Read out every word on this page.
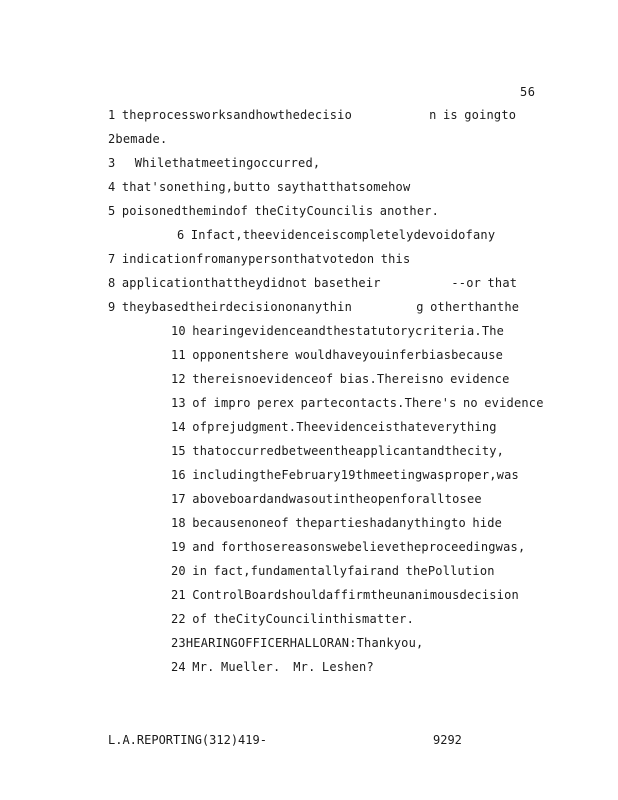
56
1 theprocessworksandhowthedecisio            n is goingto
2bemade.
3   Whilethatmeetingoccurred,
4 that'sonething,butto saythatthatsomehow
5 poisonedthemindof theCityCouncilis another.
6 Infact,theevidenceiscompletelydevoidofany
7 indicationfromanypersonthatvotedon this
8 applicationthattheydidnot basetheir           --or that
9 theybasedtheirdecisiononanythin          g otherthanthe
10 hearingevidenceandthestatutorycriteria.The
11 opponentshere wouldhaveyouinferbiasbecause
12 thereisnoevidenceof bias.Thereisno evidence
13 of impro perex partecontacts.There's no evidence
14 ofprejudgment.Theevidenceisthateverything
15 thatoccurredbetweentheapplicantandthecity,
16 includingtheFebruary19thmeetingwasproper,was
17 aboveboardandwasoutintheopenforalltosee
18 becausenoneof thepartieshadanythingto hide
19 and forthosereasonswebelievetheproceedingwas,
20 in fact,fundamentallyfairand thePollution
21 ControlBoardshouldaffirmtheunanimousdecision
22 of theCityCouncilinthismatter.
23HEARINGOFFICERHALLORAN:Thankyou,
24 Mr. Mueller.  Mr. Leshen?

L.A.REPORTING(312)419-

	9292
